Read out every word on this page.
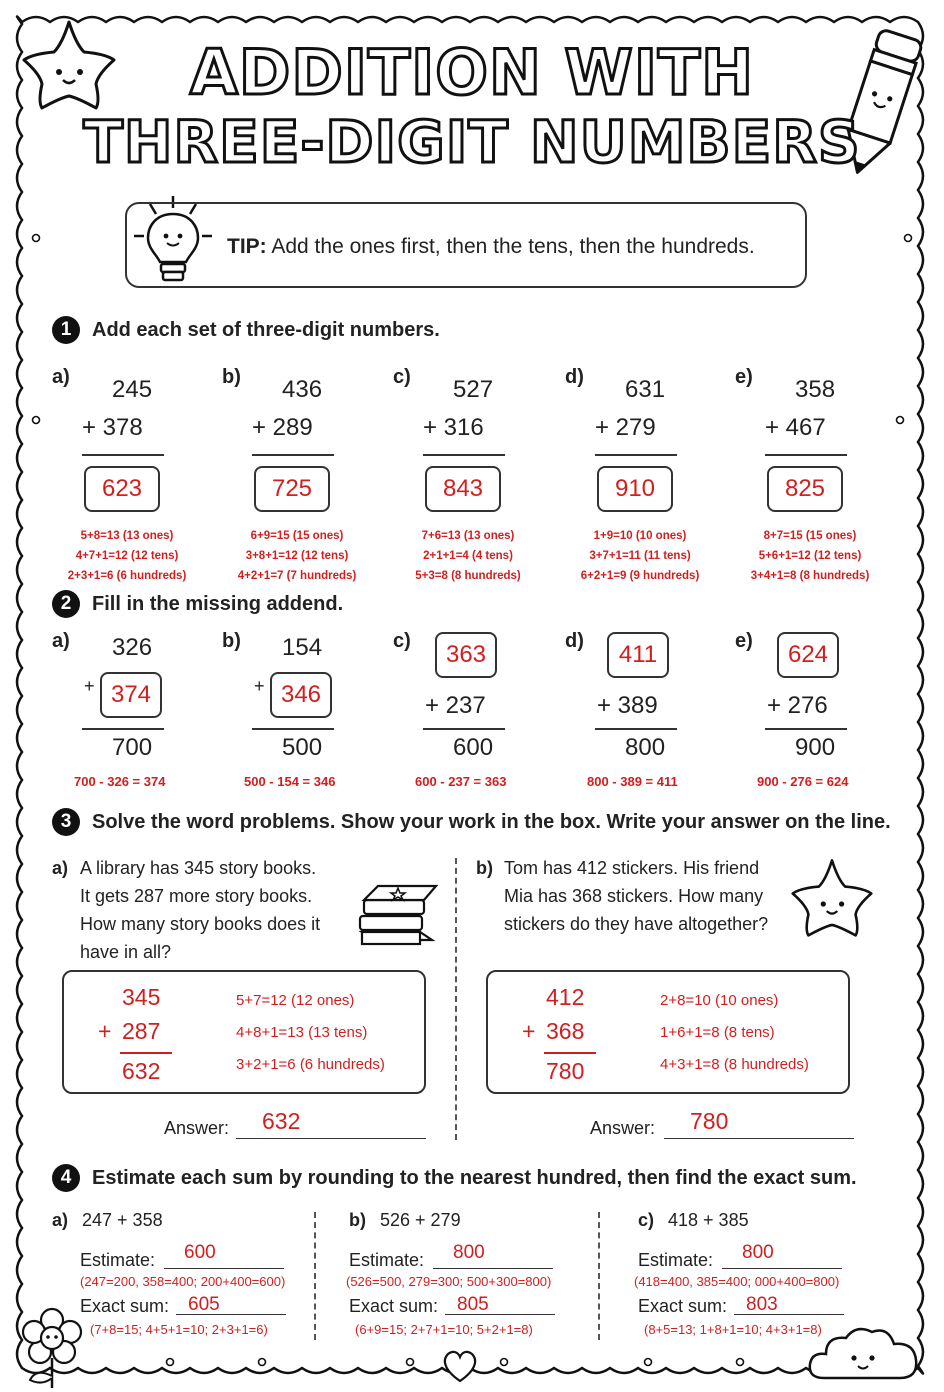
ADDITION WITH
THREE-DIGIT NUMBERS
TIP: Add the ones first, then the tens, then the hundreds.
1	Add each set of three-digit numbers.
a) 245
+ 378
623
5+8=13 (13 ones)
4+7+1=12 (12 tens)
2+3+1=6 (6 hundreds)
b) 436
+ 289
725
6+9=15 (15 ones)
3+8+1=12 (12 tens)
4+2+1=7 (7 hundreds)
c) 527
+ 316
843
7+6=13 (13 ones)
2+1+1=4 (4 tens)
5+3=8 (8 hundreds)
d) 631
+ 279
910
1+9=10 (10 ones)
3+7+1=11 (11 tens)
6+2+1=9 (9 hundreds)
e) 358
+ 467
825
8+7=15 (15 ones)
5+6+1=12 (12 tens)
3+4+1=8 (8 hundreds)
2	Fill in the missing addend.
a) 326
+ 374
700
700 - 326 = 374
b) 154
+ 346
500
500 - 154 = 346
c)	363
+ 237
600
600 - 237 = 363
d)	411
+ 389
800
800 - 389 = 411
e)	624
+ 276
900
900 - 276 = 624
3	Solve the word problems. Show your work in the box. Write your answer on the line.
a) A library has 345 story books.
It gets 287 more story books.
How many story books does it
have in all?
345
+ 287
632
5+7=12 (12 ones)
4+8+1=13 (13 tens)
3+2+1=6 (6 hundreds)
Answer: 632
b) Tom has 412 stickers. His friend
Mia has 368 stickers. How many
stickers do they have altogether?
412
+ 368
780
2+8=10 (10 ones)
1+6+1=8 (8 tens)
4+3+1=8 (8 hundreds)
Answer: 780
4	Estimate each sum by rounding to the nearest hundred, then find the exact sum.
a) 247 + 358
Estimate: 600
(247=200, 358=400; 200+400=600)
Exact sum: 605
(7+8=15; 4+5+1=10; 2+3+1=6)
b) 526 + 279
Estimate: 800
(526=500, 279=300; 500+300=800)
Exact sum: 805
(6+9=15; 2+7+1=10; 5+2+1=8)
c) 418 + 385
Estimate: 800
(418=400, 385=400; 000+400=800)
Exact sum: 803
(8+5=13; 1+8+1=10; 4+3+1=8)
